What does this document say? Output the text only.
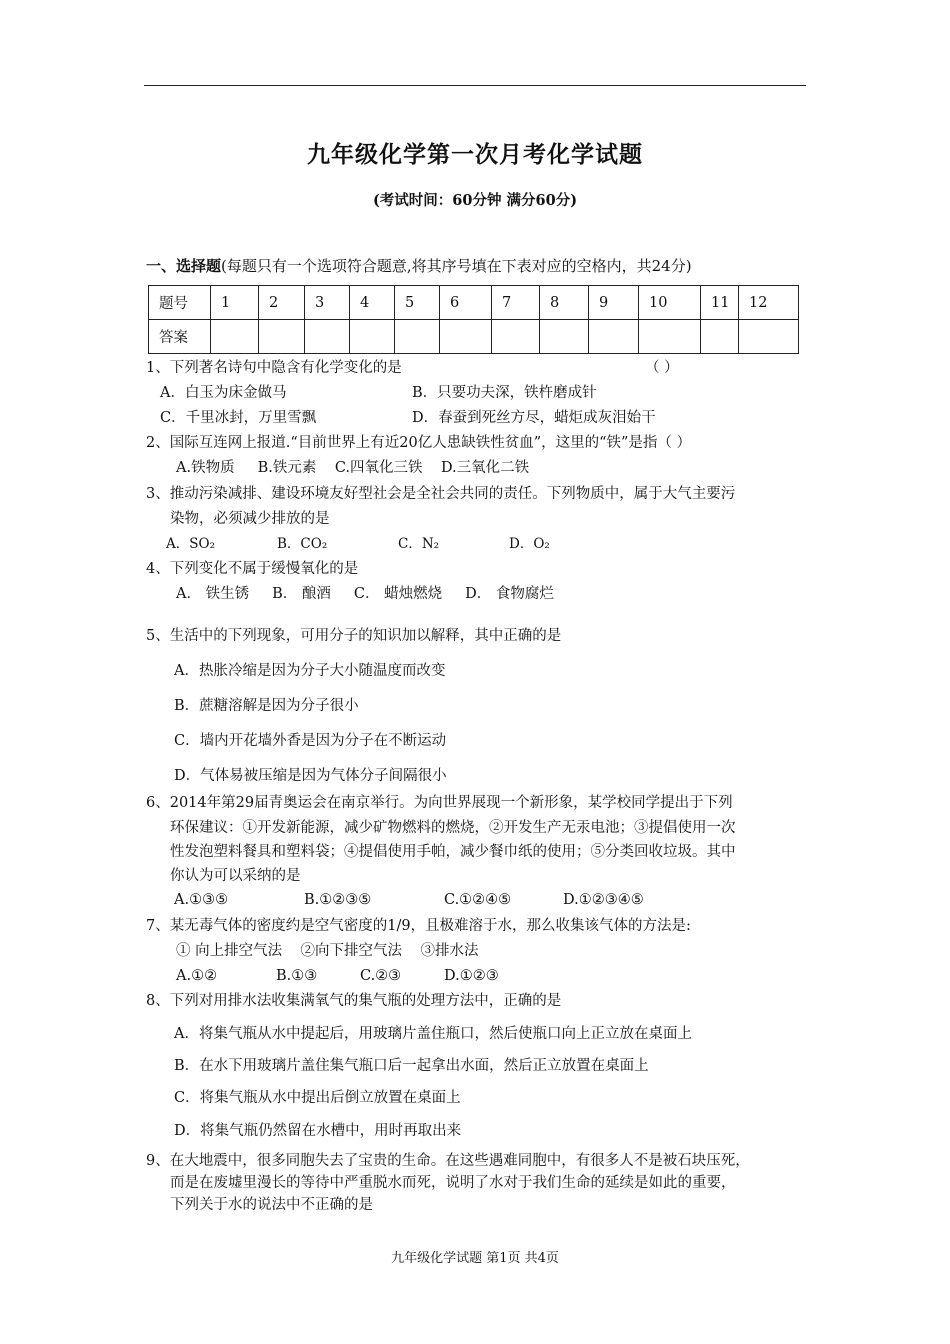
九年级化学第一次月考化学试题
(考试时间：60分钟 满分60分)
一、选择题(每题只有一个选项符合题意,将其序号填在下表对应的空格内，共24分)
题号	1	2	3	4	5	6	7	8	9	10	11	12
答案												
1、下列著名诗句中隐含有化学变化的是	（ ）
A．白玉为床金做马	B．只要功夫深，铁杵磨成针
C．千里冰封，万里雪飘	D．春蚕到死丝方尽，蜡炬成灰泪始干
2、国际互连网上报道.“目前世界上有近20亿人患缺铁性贫血”，这里的“铁”是指（ ）
A.铁物质     B.铁元素    C.四氧化三铁    D.三氧化二铁
3、推动污染减排、建设环境友好型社会是全社会共同的责任。下列物质中，属于大气主要污
染物，必须减少排放的是
A．SO₂	B．CO₂	C．N₂	D．O₂
4、下列变化不属于缓慢氧化的是
A． 铁生锈     B． 酿酒     C． 蜡烛燃烧     D． 食物腐烂
5、生活中的下列现象，可用分子的知识加以解释，其中正确的是
A．热胀冷缩是因为分子大小随温度而改变
B．蔗糖溶解是因为分子很小
C．墙内开花墙外香是因为分子在不断运动
D．气体易被压缩是因为气体分子间隔很小
6、2014年第29届青奥运会在南京举行。为向世界展现一个新形象，某学校同学提出于下列
环保建议：①开发新能源，减少矿物燃料的燃烧，②开发生产无汞电池；③提倡使用一次
性发泡塑料餐具和塑料袋；④提倡使用手帕，减少餐巾纸的使用；⑤分类回收垃圾。其中
你认为可以采纳的是
A.①③⑤	B.①②③⑤	C.①②④⑤	D.①②③④⑤
7、某无毒气体的密度约是空气密度的1/9，且极难溶于水，那么收集该气体的方法是:
① 向上排空气法    ②向下排空气法    ③排水法
A.①②	B.①③	C.②③	D.①②③
8、下列对用排水法收集满氧气的集气瓶的处理方法中，正确的是
A．将集气瓶从水中提起后，用玻璃片盖住瓶口，然后使瓶口向上正立放在桌面上
B．在水下用玻璃片盖住集气瓶口后一起拿出水面，然后正立放置在桌面上
C．将集气瓶从水中提出后倒立放置在桌面上
D．将集气瓶仍然留在水槽中，用时再取出来
9、在大地震中，很多同胞失去了宝贵的生命。在这些遇难同胞中，有很多人不是被石块压死，
而是在废墟里漫长的等待中严重脱水而死，说明了水对于我们生命的延续是如此的重要，
下列关于水的说法中不正确的是
九年级化学试题 第1页 共4页
